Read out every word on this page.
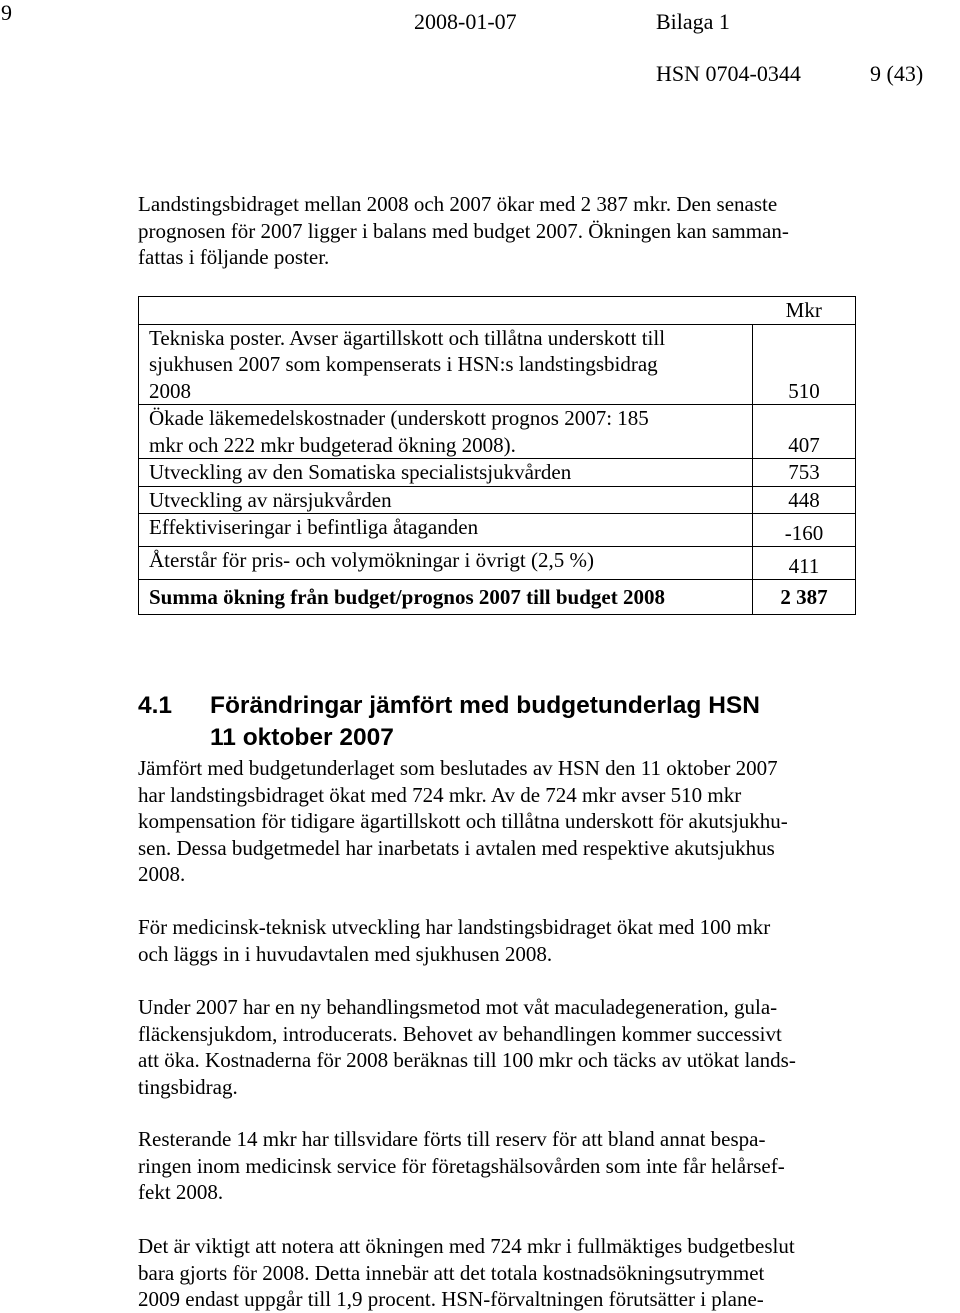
9	2008-01-07	Bilaga 1
HSN 0704-0344	9 (43)
Landstingsbidraget mellan 2008 och 2007 ökar med 2 387 mkr. Den senaste
prognosen för 2007 ligger i balans med budget 2007. Ökningen kan samman-
fattas i följande poster.
	Mkr

Tekniska poster. Avser ägartillskott och tillåtna underskott till
sjukhusen 2007 som kompenserats i HSN:s landstingsbidrag
2008	510

Ökade läkemedelskostnader (underskott prognos 2007: 185
mkr och 222 mkr budgeterad ökning 2008).	407

Utveckling av den Somatiska specialistsjukvården	753

Utveckling av närsjukvården	448

Effektiviseringar i befintliga åtaganden	-160

Återstår för pris- och volymökningar i övrigt (2,5 %)	411

Summa ökning från budget/prognos 2007 till budget 2008	2 387
4.1 Förändringar jämfört med budgetunderlag HSN
11 oktober 2007
Jämfört med budgetunderlaget som beslutades av HSN den 11 oktober 2007
har landstingsbidraget ökat med 724 mkr. Av de 724 mkr avser 510 mkr
kompensation för tidigare ägartillskott och tillåtna underskott för akutsjukhu-
sen. Dessa budgetmedel har inarbetats i avtalen med respektive akutsjukhus
2008.
För medicinsk-teknisk utveckling har landstingsbidraget ökat med 100 mkr
och läggs in i huvudavtalen med sjukhusen 2008.
Under 2007 har en ny behandlingsmetod mot våt maculadegeneration, gula-
fläckensjukdom, introducerats. Behovet av behandlingen kommer successivt
att öka. Kostnaderna för 2008 beräknas till 100 mkr och täcks av utökat lands-
tingsbidrag.
Resterande 14 mkr har tillsvidare förts till reserv för att bland annat bespa-
ringen inom medicinsk service för företagshälsovården som inte får helårsef-
fekt 2008.
Det är viktigt att notera att ökningen med 724 mkr i fullmäktiges budgetbeslut
bara gjorts för 2008. Detta innebär att det totala kostnadsökningsutrymmet
2009 endast uppgår till 1,9 procent. HSN-förvaltningen förutsätter i plane-
